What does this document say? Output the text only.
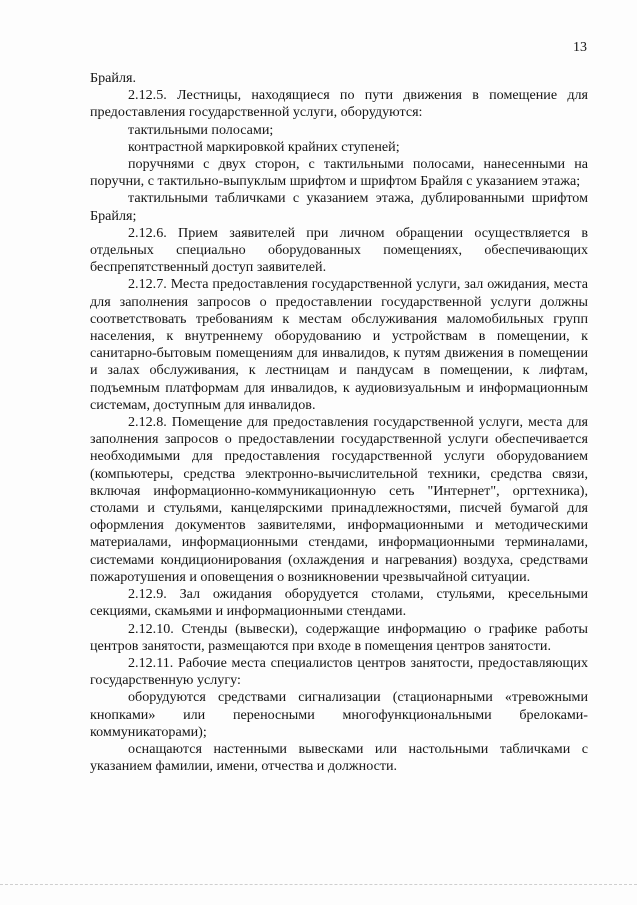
13

Брайля.

2.12.5. Лестницы, находящиеся по пути движения в помещение для предоставления государственной услуги, оборудуются:

тактильными полосами;

контрастной маркировкой крайних ступеней;

поручнями с двух сторон, с тактильными полосами, нанесенными на поручни, с тактильно-выпуклым шрифтом и шрифтом Брайля с указанием этажа;

тактильными табличками с указанием этажа, дублированными шрифтом Брайля;

2.12.6. Прием заявителей при личном обращении осуществляется в отдельных специально оборудованных помещениях, обеспечивающих беспрепятственный доступ заявителей.

2.12.7. Места предоставления государственной услуги, зал ожидания, места для заполнения запросов о предоставлении государственной услуги должны соответствовать требованиям к местам обслуживания маломобильных групп населения, к внутреннему оборудованию и устройствам в помещении, к санитарно-бытовым помещениям для инвалидов, к путям движения в помещении и залах обслуживания, к лестницам и пандусам в помещении, к лифтам, подъемным платформам для инвалидов, к аудиовизуальным и информационным системам, доступным для инвалидов.

2.12.8. Помещение для предоставления государственной услуги, места для заполнения запросов о предоставлении государственной услуги обеспечивается необходимыми для предоставления государственной услуги оборудованием (компьютеры, средства электронно-вычислительной техники, средства связи, включая информационно-коммуникационную сеть "Интернет", оргтехника), столами и стульями, канцелярскими принадлежностями, писчей бумагой для оформления документов заявителями, информационными и методическими материалами, информационными стендами, информационными терминалами, системами кондиционирования (охлаждения и нагревания) воздуха, средствами пожаротушения и оповещения о возникновении чрезвычайной ситуации.

2.12.9. Зал ожидания оборудуется столами, стульями, кресельными секциями, скамьями и информационными стендами.

2.12.10. Стенды (вывески), содержащие информацию о графике работы центров занятости, размещаются при входе в помещения центров занятости.

2.12.11. Рабочие места специалистов центров занятости, предоставляющих государственную услугу:

оборудуются средствами сигнализации (стационарными «тревожными кнопками» или переносными многофункциональными брелоками-коммуникаторами);

оснащаются настенными вывесками или настольными табличками с указанием фамилии, имени, отчества и должности.
